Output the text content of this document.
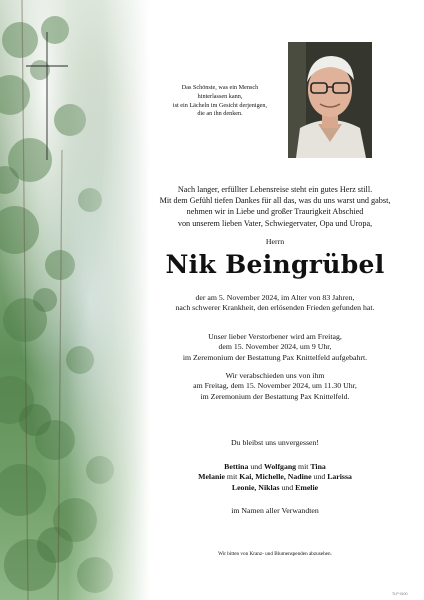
Das Schönste, was ein Mensch
hinterlassen kann,
ist ein Lächeln im Gesicht derjenigen,
die an ihn denken.
Nach langer, erfüllter Lebensreise steht ein gutes Herz still.
Mit dem Gefühl tiefen Dankes für all das, was du uns warst und gabst,
nehmen wir in Liebe und großer Traurigkeit Abschied
von unserem lieben Vater, Schwiegervater, Opa und Uropa,
Herrn
Nik Beingrübel
der am 5. November 2024, im Alter von 83 Jahren,
nach schwerer Krankheit, den erlösenden Frieden gefunden hat.
Unser lieber Verstorbener wird am Freitag,
dem 15. November 2024, um 9 Uhr,
im Zeremonium der Bestattung Pax Knittelfeld aufgebahrt.
Wir verabschieden uns von ihm
am Freitag, dem 15. November 2024, um 11.30 Uhr,
im Zeremonium der Bestattung Pax Knittelfeld.
Du bleibst uns unvergessen!
Bettina und Wolfgang mit Tina
Melanie mit Kai, Michelle, Nadine und Larissa
Leonie, Niklas und Emelie
im Namen aller Verwandten
Wir bitten von Kranz- und Blumenspenden abzusehen.
TLP 9100
